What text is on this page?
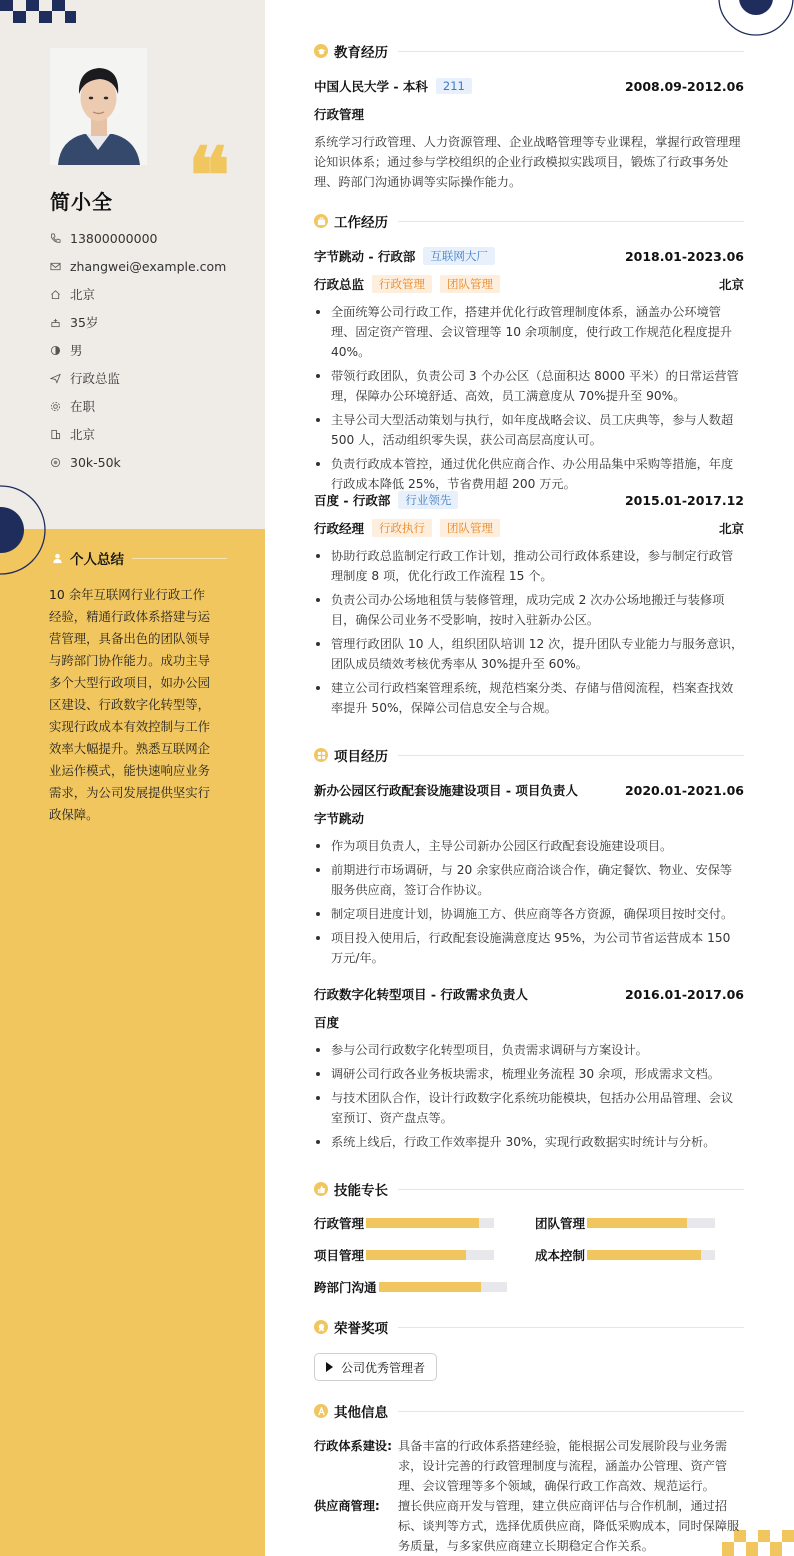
❝
简小全
13800000000
zhangwei@example.com
北京
35岁
男
行政总监
在职
北京
30k-50k
个人总结
10 余年互联网行业行政工作经验，精通行政体系搭建与运营管理，具备出色的团队领导与跨部门协作能力。成功主导多个大型行政项目，如办公园区建设、行政数字化转型等，实现行政成本有效控制与工作效率大幅提升。熟悉互联网企业运作模式，能快速响应业务需求，为公司发展提供坚实行政保障。
教育经历
中国人民大学 - 本科	211	2008.09-2012.06
行政管理
系统学习行政管理、人力资源管理、企业战略管理等专业课程，掌握行政管理理论知识体系；通过参与学校组织的企业行政模拟实践项目，锻炼了行政事务处理、跨部门沟通协调等实际操作能力。
工作经历
字节跳动 - 行政部	互联网大厂	2018.01-2023.06
行政总监	行政管理	团队管理	北京
全面统筹公司行政工作，搭建并优化行政管理制度体系，涵盖办公环境管理、固定资产管理、会议管理等 10 余项制度，使行政工作规范化程度提升 40%。
带领行政团队，负责公司 3 个办公区（总面积达 8000 平米）的日常运营管理，保障办公环境舒适、高效，员工满意度从 70%提升至 90%。
主导公司大型活动策划与执行，如年度战略会议、员工庆典等，参与人数超 500 人，活动组织零失误，获公司高层高度认可。
负责行政成本管控，通过优化供应商合作、办公用品集中采购等措施，年度行政成本降低 25%，节省费用超 200 万元。
百度 - 行政部	行业领先	2015.01-2017.12
行政经理	行政执行	团队管理	北京
协助行政总监制定行政工作计划，推动公司行政体系建设，参与制定行政管理制度 8 项，优化行政工作流程 15 个。
负责公司办公场地租赁与装修管理，成功完成 2 次办公场地搬迁与装修项目，确保公司业务不受影响，按时入驻新办公区。
管理行政团队 10 人，组织团队培训 12 次，提升团队专业能力与服务意识，团队成员绩效考核优秀率从 30%提升至 60%。
建立公司行政档案管理系统，规范档案分类、存储与借阅流程，档案查找效率提升 50%，保障公司信息安全与合规。
项目经历
新办公园区行政配套设施建设项目 - 项目负责人	2020.01-2021.06
字节跳动
作为项目负责人，主导公司新办公园区行政配套设施建设项目。
前期进行市场调研，与 20 余家供应商洽谈合作，确定餐饮、物业、安保等服务供应商，签订合作协议。
制定项目进度计划，协调施工方、供应商等各方资源，确保项目按时交付。
项目投入使用后，行政配套设施满意度达 95%，为公司节省运营成本 150 万元/年。
行政数字化转型项目 - 行政需求负责人	2016.01-2017.06
百度
参与公司行政数字化转型项目，负责需求调研与方案设计。
调研公司行政各业务板块需求，梳理业务流程 30 余项，形成需求文档。
与技术团队合作，设计行政数字化系统功能模块，包括办公用品管理、会议室预订、资产盘点等。
系统上线后，行政工作效率提升 30%，实现行政数据实时统计与分析。
技能专长
行政管理	团队管理
项目管理	成本控制
跨部门沟通
荣誉奖项
公司优秀管理者
其他信息
行政体系建设: 具备丰富的行政体系搭建经验，能根据公司发展阶段与业务需求，设计完善的行政管理制度与流程，涵盖办公管理、资产管理、会议管理等多个领域，确保行政工作高效、规范运行。
供应商管理:	擅长供应商开发与管理，建立供应商评估与合作机制，通过招标、谈判等方式，选择优质供应商，降低采购成本，同时保障服务质量，与多家供应商建立长期稳定合作关系。
